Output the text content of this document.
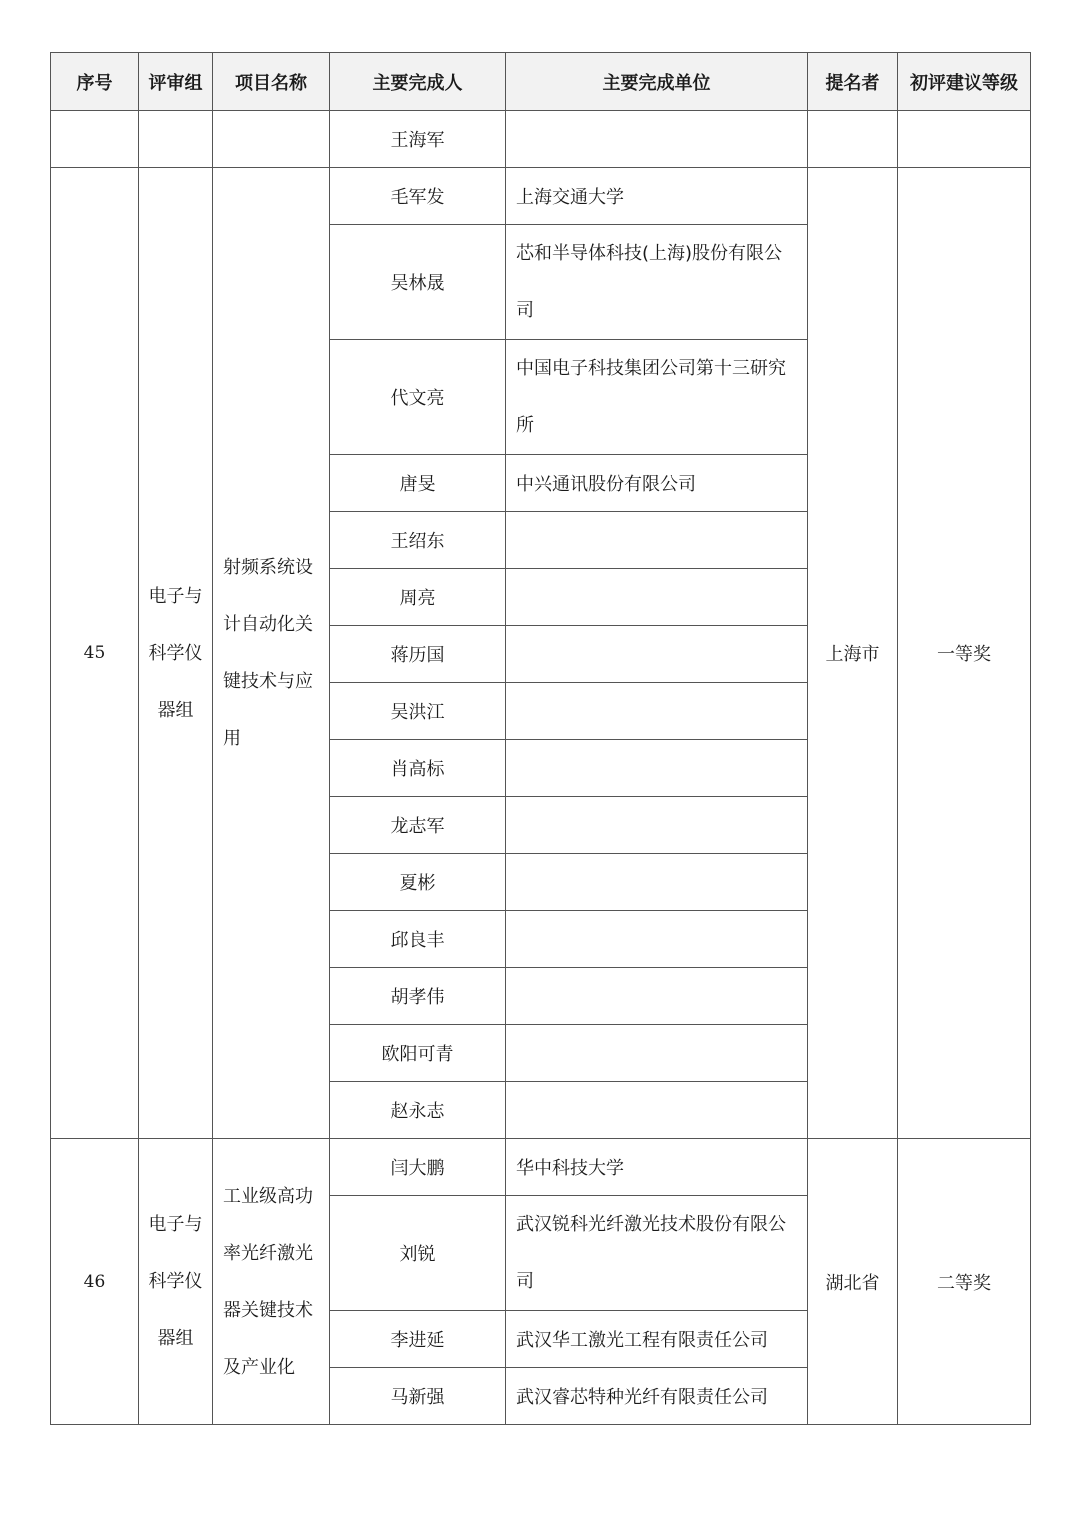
序号	评审组	项目名称	主要完成人	主要完成单位	提名者	初评建议等级
			王海军			
45	电子与科学仪器组	射频系统设计自动化关键技术与应用	毛军发	上海交通大学	上海市	一等奖
			吴林晟	芯和半导体科技(上海)股份有限公司		
			代文亮	中国电子科技集团公司第十三研究所		
			唐旻	中兴通讯股份有限公司		
			王绍东			
			周亮			
			蒋历国			
			吴洪江			
			肖高标			
			龙志军			
			夏彬			
			邱良丰			
			胡孝伟			
			欧阳可青			
			赵永志			
46	电子与科学仪器组	工业级高功率光纤激光器关键技术及产业化	闫大鹏	华中科技大学	湖北省	二等奖
			刘锐	武汉锐科光纤激光技术股份有限公司		
			李进延	武汉华工激光工程有限责任公司		
			马新强	武汉睿芯特种光纤有限责任公司		
